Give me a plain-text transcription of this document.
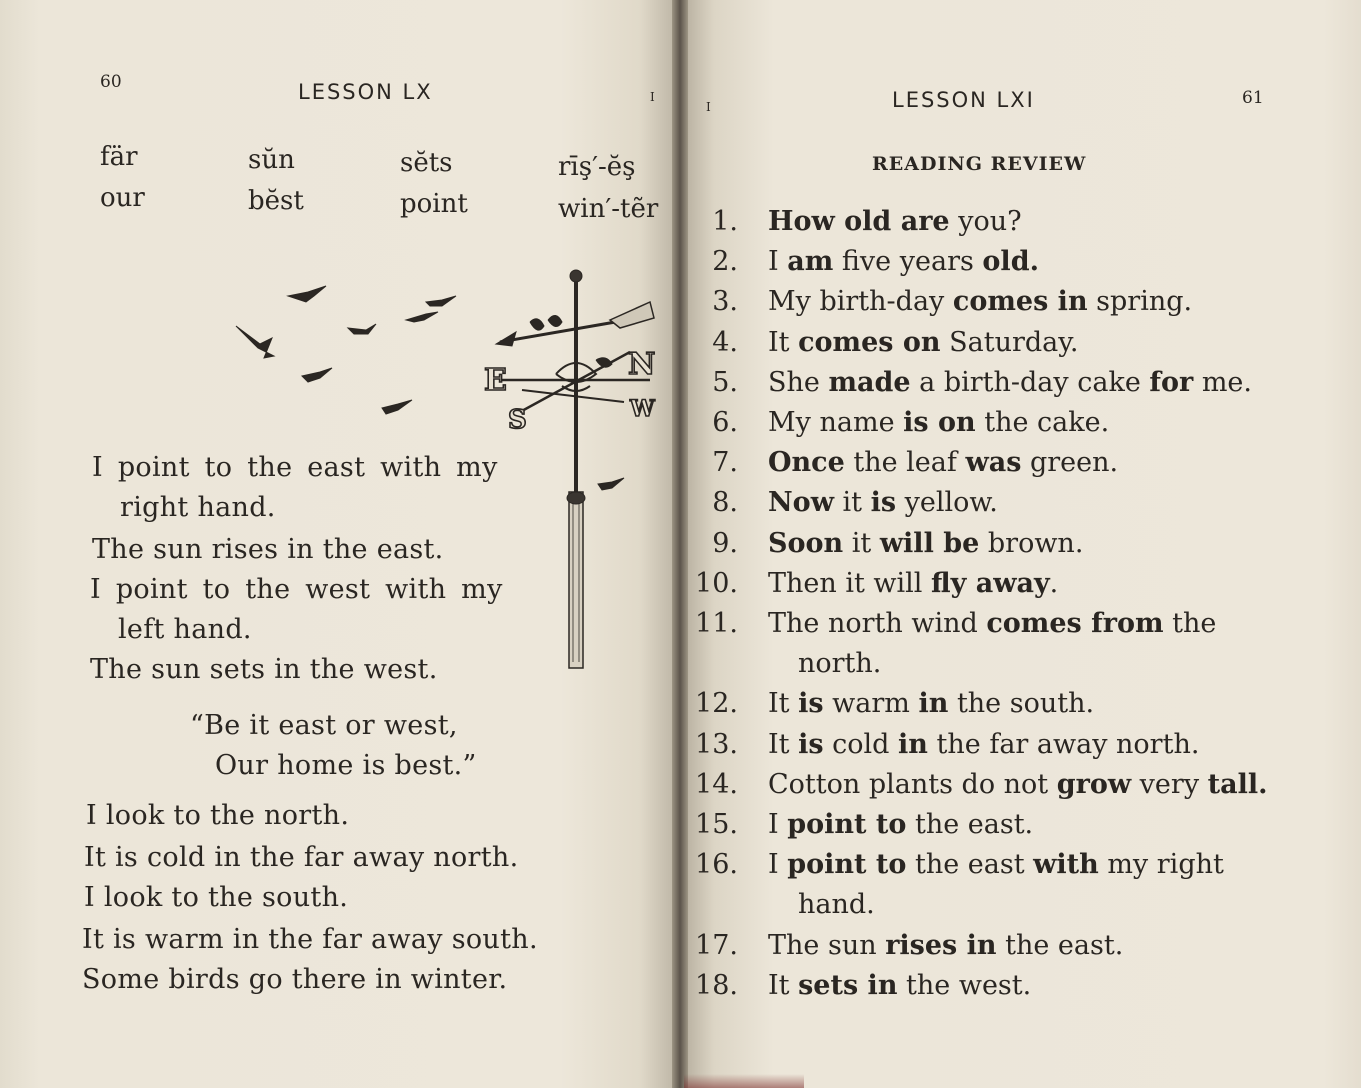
60	LESSON LX	I
fär	sŭn	sĕts	rīş′-ĕş
our	bĕst	point	win′-tẽr
E
S
N
W
I point to the east with my
right hand.
The sun rises in the east.
I point to the west with my
left hand.
The sun sets in the west.
“Be it east or west,
Our home is best.”
I look to the north.
It is cold in the far away north.
I look to the south.
It is warm in the far away south.
Some birds go there in winter.
I	LESSON LXI	61
READING REVIEW
1. How old are you?
2. I am five years old.
3. My birth-day comes in spring.
4. It comes on Saturday.
5. She made a birth-day cake for me.
6. My name is on the cake.
7. Once the leaf was green.
8. Now it is yellow.
9. Soon it will be brown.
10. Then it will fly away.
11. The north wind comes from the
north.
12. It is warm in the south.
13. It is cold in the far away north.
14. Cotton plants do not grow very tall.
15. I point to the east.
16. I point to the east with my right
hand.
17. The sun rises in the east.
18. It sets in the west.
